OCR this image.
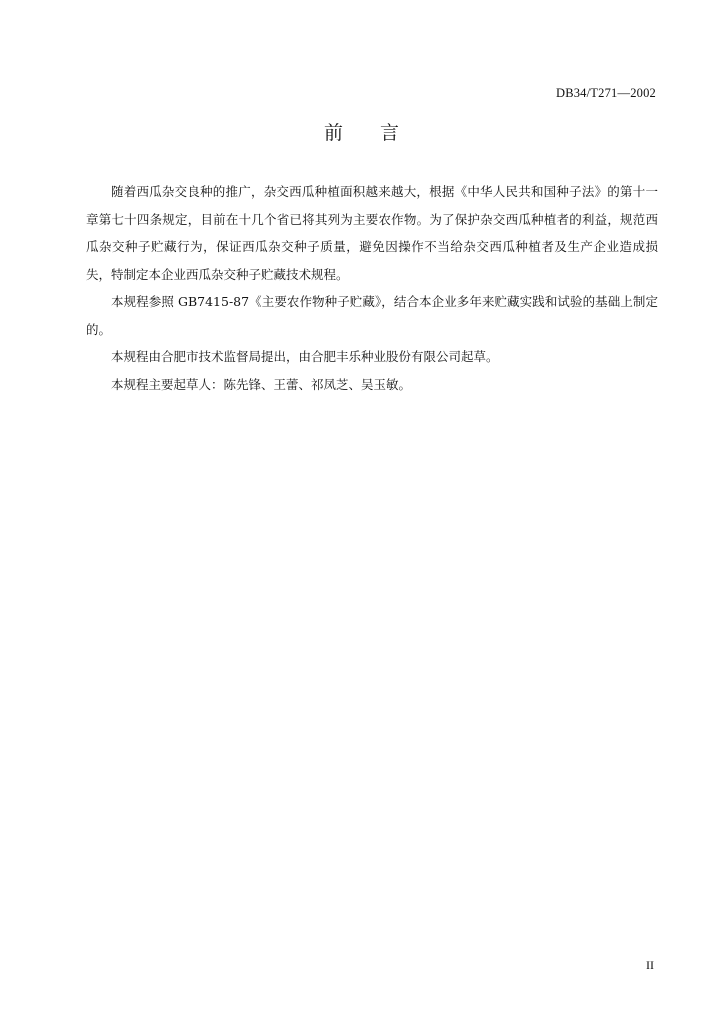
DB34/T271—2002
前 言

随着西瓜杂交良种的推广，杂交西瓜种植面积越来越大，根据《中华人民共和国种子法》的第十一章第七十四条规定，目前在十几个省已将其列为主要农作物。为了保护杂交西瓜种植者的利益，规范西瓜杂交种子贮藏行为，保证西瓜杂交种子质量，避免因操作不当给杂交西瓜种植者及生产企业造成损失，特制定本企业西瓜杂交种子贮藏技术规程。

本规程参照 GB7415-87《主要农作物种子贮藏》，结合本企业多年来贮藏实践和试验的基础上制定的。

本规程由合肥市技术监督局提出，由合肥丰乐种业股份有限公司起草。

本规程主要起草人：陈先锋、王蕾、祁凤芝、吴玉敏。

II
